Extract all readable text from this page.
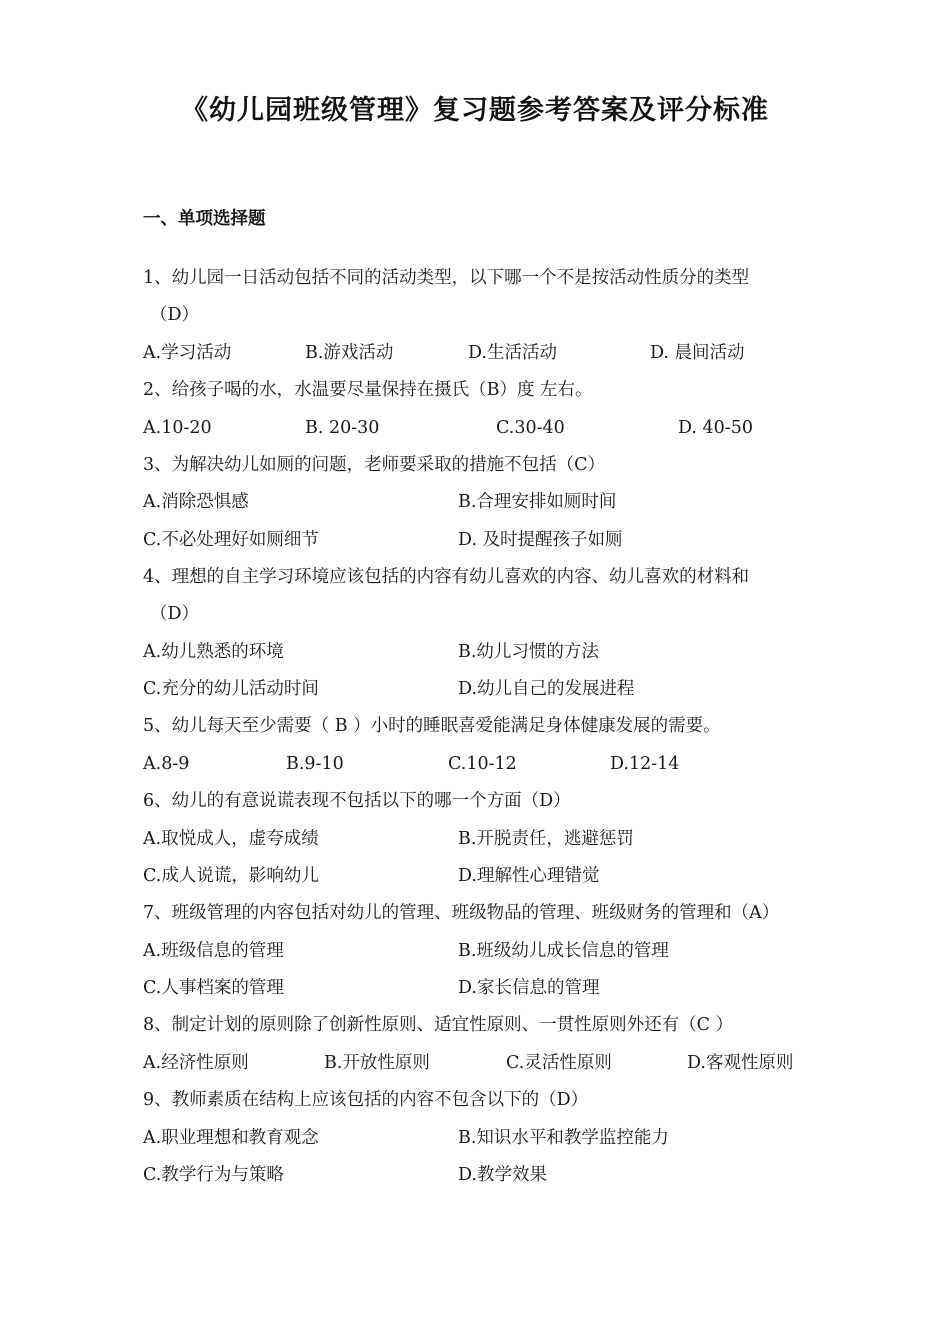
《幼儿园班级管理》复习题参考答案及评分标准
一、单项选择题
1、幼儿园一日活动包括不同的活动类型，以下哪一个不是按活动性质分的类型
（D）
A.学习活动	B.游戏活动	D.生活活动	D. 晨间活动
2、给孩子喝的水，水温要尽量保持在摄氏（B）度 左右。
A.10-20	B. 20-30	C.30-40	D. 40-50
3、为解决幼儿如厕的问题，老师要采取的措施不包括（C）
A.消除恐惧感	B.合理安排如厕时间
C.不必处理好如厕细节	D. 及时提醒孩子如厕
4、理想的自主学习环境应该包括的内容有幼儿喜欢的内容、幼儿喜欢的材料和
（D）
A.幼儿熟悉的环境	B.幼儿习惯的方法
C.充分的幼儿活动时间	D.幼儿自己的发展进程
5、幼儿每天至少需要（ B ）小时的睡眠喜爱能满足身体健康发展的需要。
A.8-9	B.9-10	C.10-12	D.12-14
6、幼儿的有意说谎表现不包括以下的哪一个方面（D）
A.取悦成人，虚夸成绩	B.开脱责任，逃避惩罚
C.成人说谎，影响幼儿	D.理解性心理错觉
7、班级管理的内容包括对幼儿的管理、班级物品的管理、班级财务的管理和（A）
A.班级信息的管理	B.班级幼儿成长信息的管理
C.人事档案的管理	D.家长信息的管理
8、制定计划的原则除了创新性原则、适宜性原则、一贯性原则外还有（C ）
A.经济性原则	B.开放性原则	C.灵活性原则	D.客观性原则
9、教师素质在结构上应该包括的内容不包含以下的（D）
A.职业理想和教育观念	B.知识水平和教学监控能力
C.教学行为与策略	D.教学效果
